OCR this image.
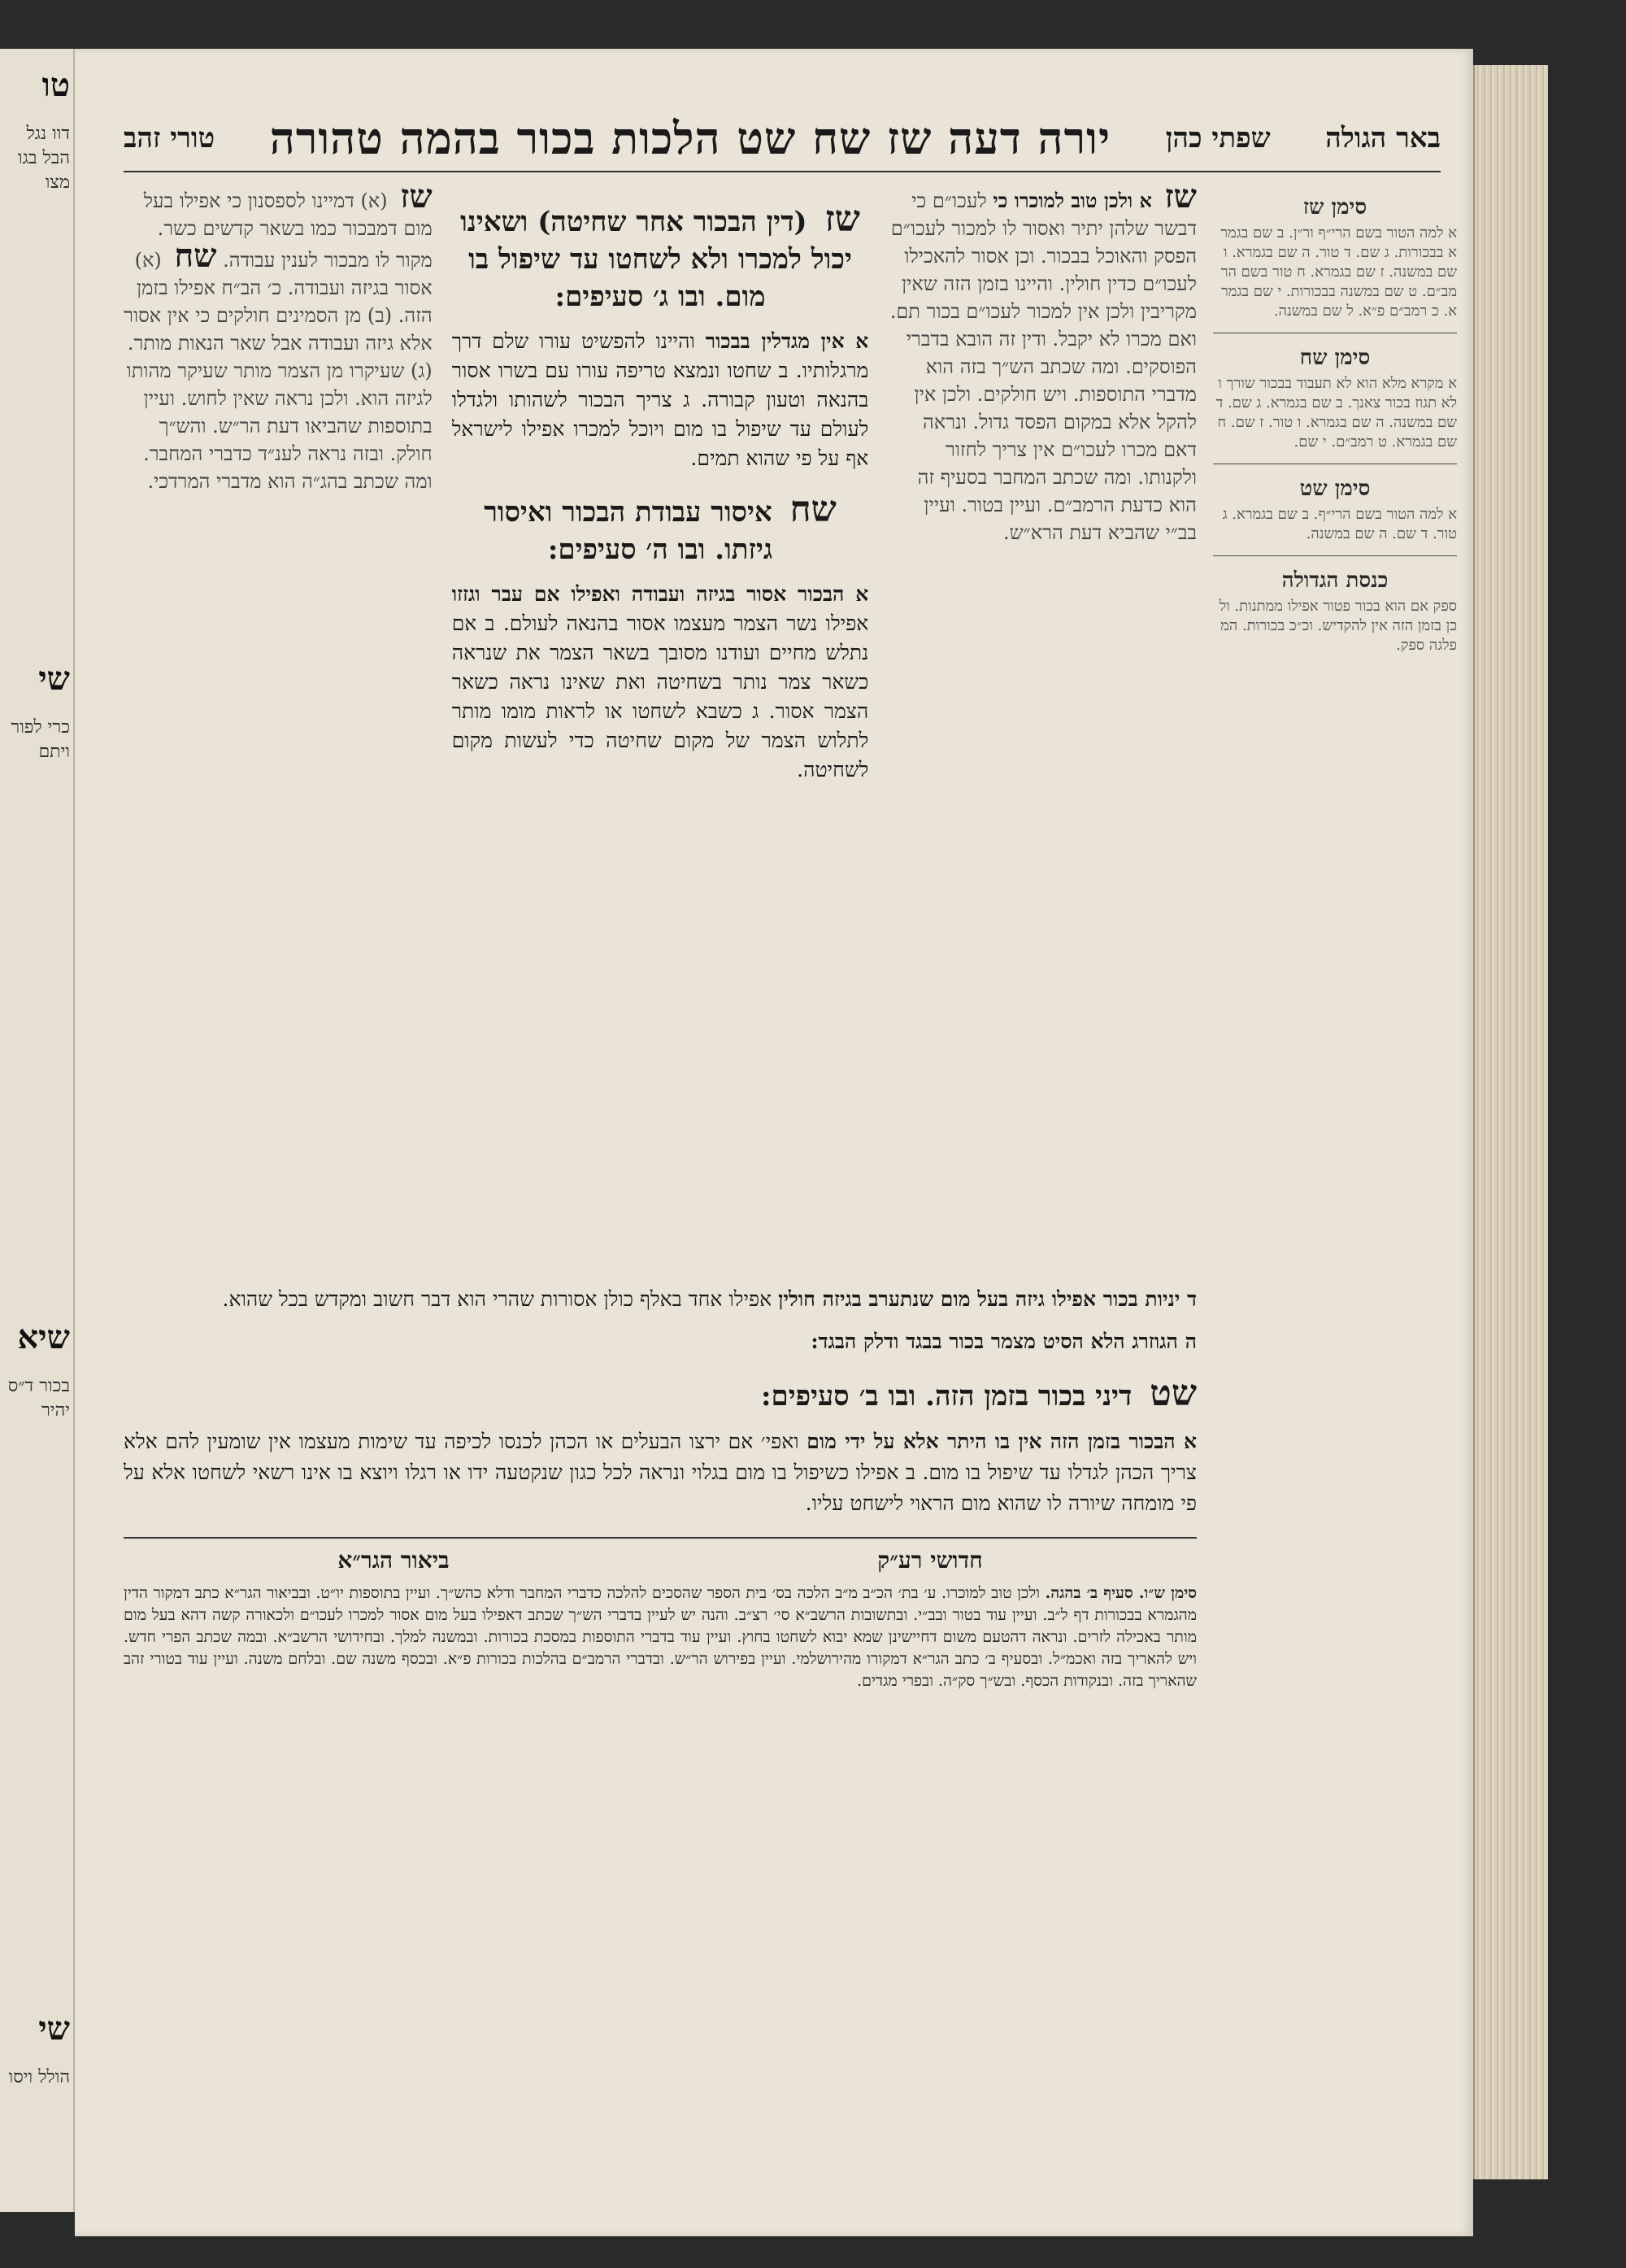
טו
דוו נגל הבל בגו מצו
שי
כרי לפור ויתם
שיא
בכור ד״ס יהיר
שי
הולל ויסו
באר הגולה
שפתי כהן
יורה דעה שז שח שט הלכות בכור בהמה טהורה
טורי זהב
סימן שז
א למה הטור בשם הרי״ף ור״ן. ב שם בגמרא בבכורות. ג שם. ד טור. ה שם בגמרא. ו שם במשנה. ז שם בגמרא. ח טור בשם הרמב״ם. ט שם במשנה בבכורות. י שם בגמרא. כ רמב״ם פ״א. ל שם במשנה.
סימן שח
א מקרא מלא הוא לא תעבוד בבכור שורך ולא תגוז בכור צאנך. ב שם בגמרא. ג שם. ד שם במשנה. ה שם בגמרא. ו טור. ז שם. ח שם בגמרא. ט רמב״ם. י שם.
סימן שט
א למה הטור בשם הרי״ף. ב שם בגמרא. ג טור. ד שם. ה שם במשנה.
כנסת הגדולה
ספק אם הוא בכור פטור אפילו ממתנות. ולכן בזמן הזה אין להקדיש. וכ״כ בכורות. המפלגה ספק.
שז א ולכן טוב למוכרו כי לעכו״ם כי דבשר שלהן יתיר ואסור לו למכור לעכו״ם הפסק והאוכל בבכור. וכן אסור להאכילו לעכו״ם כדין חולין. והיינו בזמן הזה שאין מקריבין ולכן אין למכור לעכו״ם בכור תם. ואם מכרו לא יקבל. ודין זה הובא בדברי הפוסקים. ומה שכתב הש״ך בזה הוא מדברי התוספות. ויש חולקים. ולכן אין להקל אלא במקום הפסד גדול. ונראה דאם מכרו לעכו״ם אין צריך לחזור ולקנותו. ומה שכתב המחבר בסעיף זה הוא כדעת הרמב״ם. ועיין בטור. ועיין בב״י שהביא דעת הרא״ש.
שז (דין הבכור אחר שחיטה) ושאינו יכול למכרו ולא לשחטו עד שיפול בו מום. ובו ג׳ סעיפים:
א אין מגדלין בבכור והיינו להפשיט עורו שלם דרך מרגלותיו. ב שחטו ונמצא טריפה עורו עם בשרו אסור בהנאה וטעון קבורה. ג צריך הבכור לשהותו ולגדלו לעולם עד שיפול בו מום ויוכל למכרו אפילו לישראל אף על פי שהוא תמים.
שח איסור עבודת הבכור ואיסור גיזתו. ובו ה׳ סעיפים:
א הבכור אסור בגיזה ועבודה ואפילו אם עבר וגזזו אפילו נשר הצמר מעצמו אסור בהנאה לעולם. ב אם נתלש מחיים ועודנו מסובך בשאר הצמר את שנראה כשאר צמר נותר בשחיטה ואת שאינו נראה כשאר הצמר אסור. ג כשבא לשחטו או לראות מומו מותר לתלוש הצמר של מקום שחיטה כדי לעשות מקום לשחיטה.
שז (א) דמיינו לספסנון כי אפילו בעל מום דמבכור כמו בשאר קדשים כשר. מקור לו מבכור לענין עבודה. שח (א) אסור בגיזה ועבודה. כ׳ הב״ח אפילו בזמן הזה. (ב) מן הסמינים חולקים כי אין אסור אלא גיזה ועבודה אבל שאר הנאות מותר. (ג) שעיקרו מן הצמר מותר שעיקר מהותו לגיזה הוא. ולכן נראה שאין לחוש. ועיין בתוספות שהביאו דעת הר״ש. והש״ך חולק. ובזה נראה לענ״ד כדברי המחבר. ומה שכתב בהג״ה הוא מדברי המרדכי.
ד יניות בכור אפילו גיזה בעל מום שנתערב בגיזה חולין אפילו אחד באלף כולן אסורות שהרי הוא דבר חשוב ומקדש בכל שהוא.
ה הגוזרג הלא הסיט מצמר בכור בבגד ודלק הבגד:
שט דיני בכור בזמן הזה. ובו ב׳ סעיפים:
א הבכור בזמן הזה אין בו היתר אלא על ידי מום ואפי׳ אם ירצו הבעלים או הכהן לכנסו לכיפה עד שימות מעצמו אין שומעין להם אלא צריך הכהן לגדלו עד שיפול בו מום. ב אפילו כשיפול בו מום בגלוי ונראה לכל כגון שנקטעה ידו או רגלו ויוצא בו אינו רשאי לשחטו אלא על פי מומחה שיורה לו שהוא מום הראוי לישחט עליו.
חדושי רע״ק
ביאור הגר״א
סימן ש״ו. סעיף ב׳ בהגה. ולכן טוב למוכרו. ע׳ בת׳ הכ״ב מ״ב הלכה בס׳ בית הספר שהסכים להלכה כדברי המחבר ודלא כהש״ך. ועיין בתוספות יו״ט. ובביאור הגר״א כתב דמקור הדין מהגמרא בבכורות דף ל״ב. ועיין עוד בטור ובב״י. ובתשובות הרשב״א סי׳ רצ״ב. והנה יש לעיין בדברי הש״ך שכתב דאפילו בעל מום אסור למכרו לעכו״ם ולכאורה קשה דהא בעל מום מותר באכילה לזרים. ונראה דהטעם משום דחיישינן שמא יבוא לשחטו בחוץ. ועיין עוד בדברי התוספות במסכת בכורות. ובמשנה למלך. ובחידושי הרשב״א. ובמה שכתב הפרי חדש. ויש להאריך בזה ואכמ״ל. ובסעיף ב׳ כתב הגר״א דמקורו מהירושלמי. ועיין בפירוש הר״ש. ובדברי הרמב״ם בהלכות בכורות פ״א. ובכסף משנה שם. ובלחם משנה. ועיין עוד בטורי זהב שהאריך בזה. ובנקודות הכסף. ובש״ך סק״ה. ובפרי מגדים.
